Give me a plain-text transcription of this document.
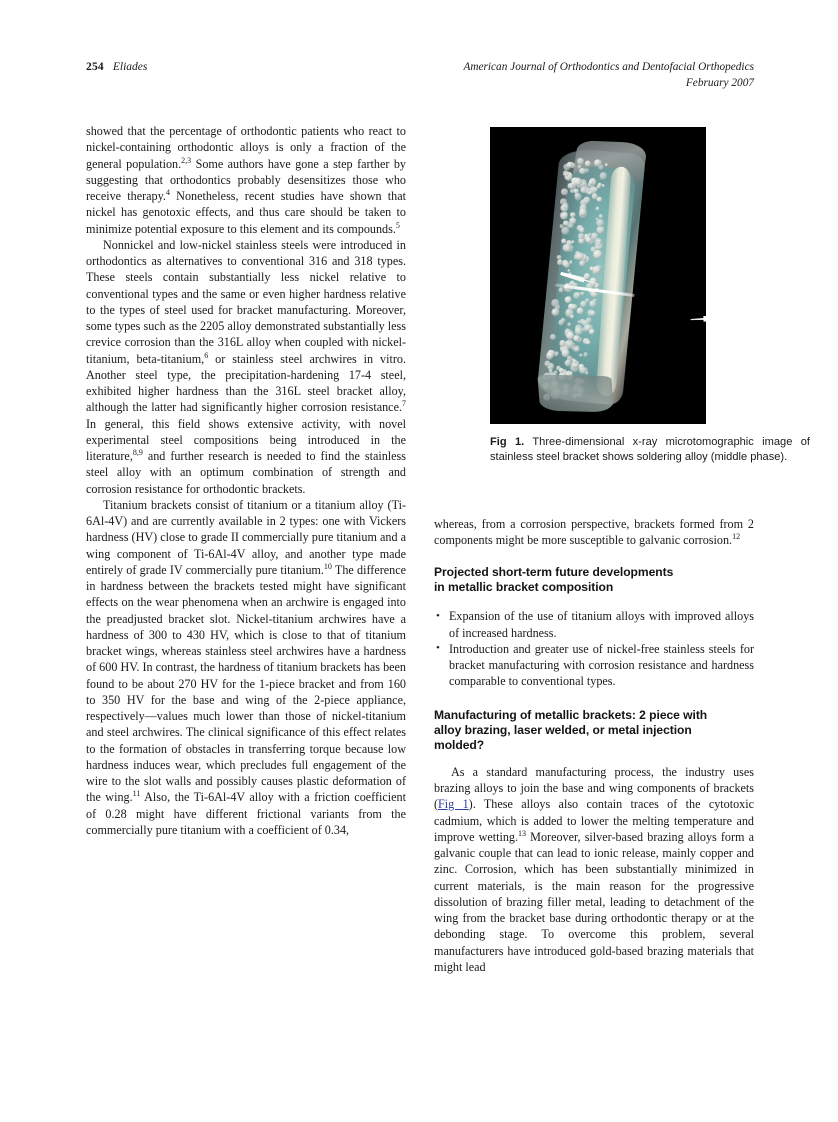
254 Eliades	American Journal of Orthodontics and Dentofacial Orthopedics
February 2007

showed that the percentage of orthodontic patients who react to nickel-containing orthodontic alloys is only a fraction of the general population.$^{2,3}$ Some authors have gone a step farther by suggesting that orthodontics probably desensitizes those who receive therapy.$^4$ Nonetheless, recent studies have shown that nickel has genotoxic effects, and thus care should be taken to minimize potential exposure to this element and its compounds.$^5$

Nonnickel and low-nickel stainless steels were introduced in orthodontics as alternatives to conventional 316 and 318 types. These steels contain substantially less nickel relative to conventional types and the same or even higher hardness relative to the types of steel used for bracket manufacturing. Moreover, some types such as the 2205 alloy demonstrated substantially less crevice corrosion than the 316L alloy when coupled with nickel-titanium, beta-titanium,$^6$ or stainless steel archwires in vitro. Another steel type, the precipitation-hardening 17-4 steel, exhibited higher hardness than the 316L steel bracket alloy, although the latter had significantly higher corrosion resistance.$^7$ In general, this field shows extensive activity, with novel experimental steel compositions being introduced in the literature,$^{8,9}$ and further research is needed to find the stainless steel alloy with an optimum combination of strength and corrosion resistance for orthodontic brackets.

Titanium brackets consist of titanium or a titanium alloy (Ti-6Al-4V) and are currently available in 2 types: one with Vickers hardness (HV) close to grade II commercially pure titanium and a wing component of Ti-6Al-4V alloy, and another type made entirely of grade IV commercially pure titanium.$^{10}$ The difference in hardness between the brackets tested might have significant effects on the wear phenomena when an archwire is engaged into the preadjusted bracket slot. Nickel-titanium archwires have a hardness of 300 to 430 HV, which is close to that of titanium bracket wings, whereas stainless steel archwires have a hardness of 600 HV. In contrast, the hardness of titanium brackets has been found to be about 270 HV for the 1-piece bracket and from 160 to 350 HV for the base and wing of the 2-piece appliance, respectively—values much lower than those of nickel-titanium and steel archwires. The clinical significance of this effect relates to the formation of obstacles in transferring torque because low hardness induces wear, which precludes full engagement of the wire to the slot walls and possibly causes plastic deformation of the wing.$^{11}$ Also, the Ti-6Al-4V alloy with a friction coefficient of 0.28 might have different frictional variants from the commercially pure titanium with a coefficient of 0.34,

Fig 1. Three-dimensional x-ray microtomographic image of stainless steel bracket shows soldering alloy (middle phase).

whereas, from a corrosion perspective, brackets formed from 2 components might be more susceptible to galvanic corrosion.$^{12}$

Projected short-term future developments
in metallic bracket composition
• Expansion of the use of titanium alloys with improved alloys of increased hardness.
• Introduction and greater use of nickel-free stainless steels for bracket manufacturing with corrosion resistance and hardness comparable to conventional types.
Manufacturing of metallic brackets: 2 piece with
alloy brazing, laser welded, or metal injection
molded?

As a standard manufacturing process, the industry uses brazing alloys to join the base and wing components of brackets (Fig 1). These alloys also contain traces of the cytotoxic cadmium, which is added to lower the melting temperature and improve wetting.$^{13}$ Moreover, silver-based brazing alloys form a galvanic couple that can lead to ionic release, mainly copper and zinc. Corrosion, which has been substantially minimized in current materials, is the main reason for the progressive dissolution of brazing filler metal, leading to detachment of the wing from the bracket base during orthodontic therapy or at the debonding stage. To overcome this problem, several manufacturers have introduced gold-based brazing materials that might lead
